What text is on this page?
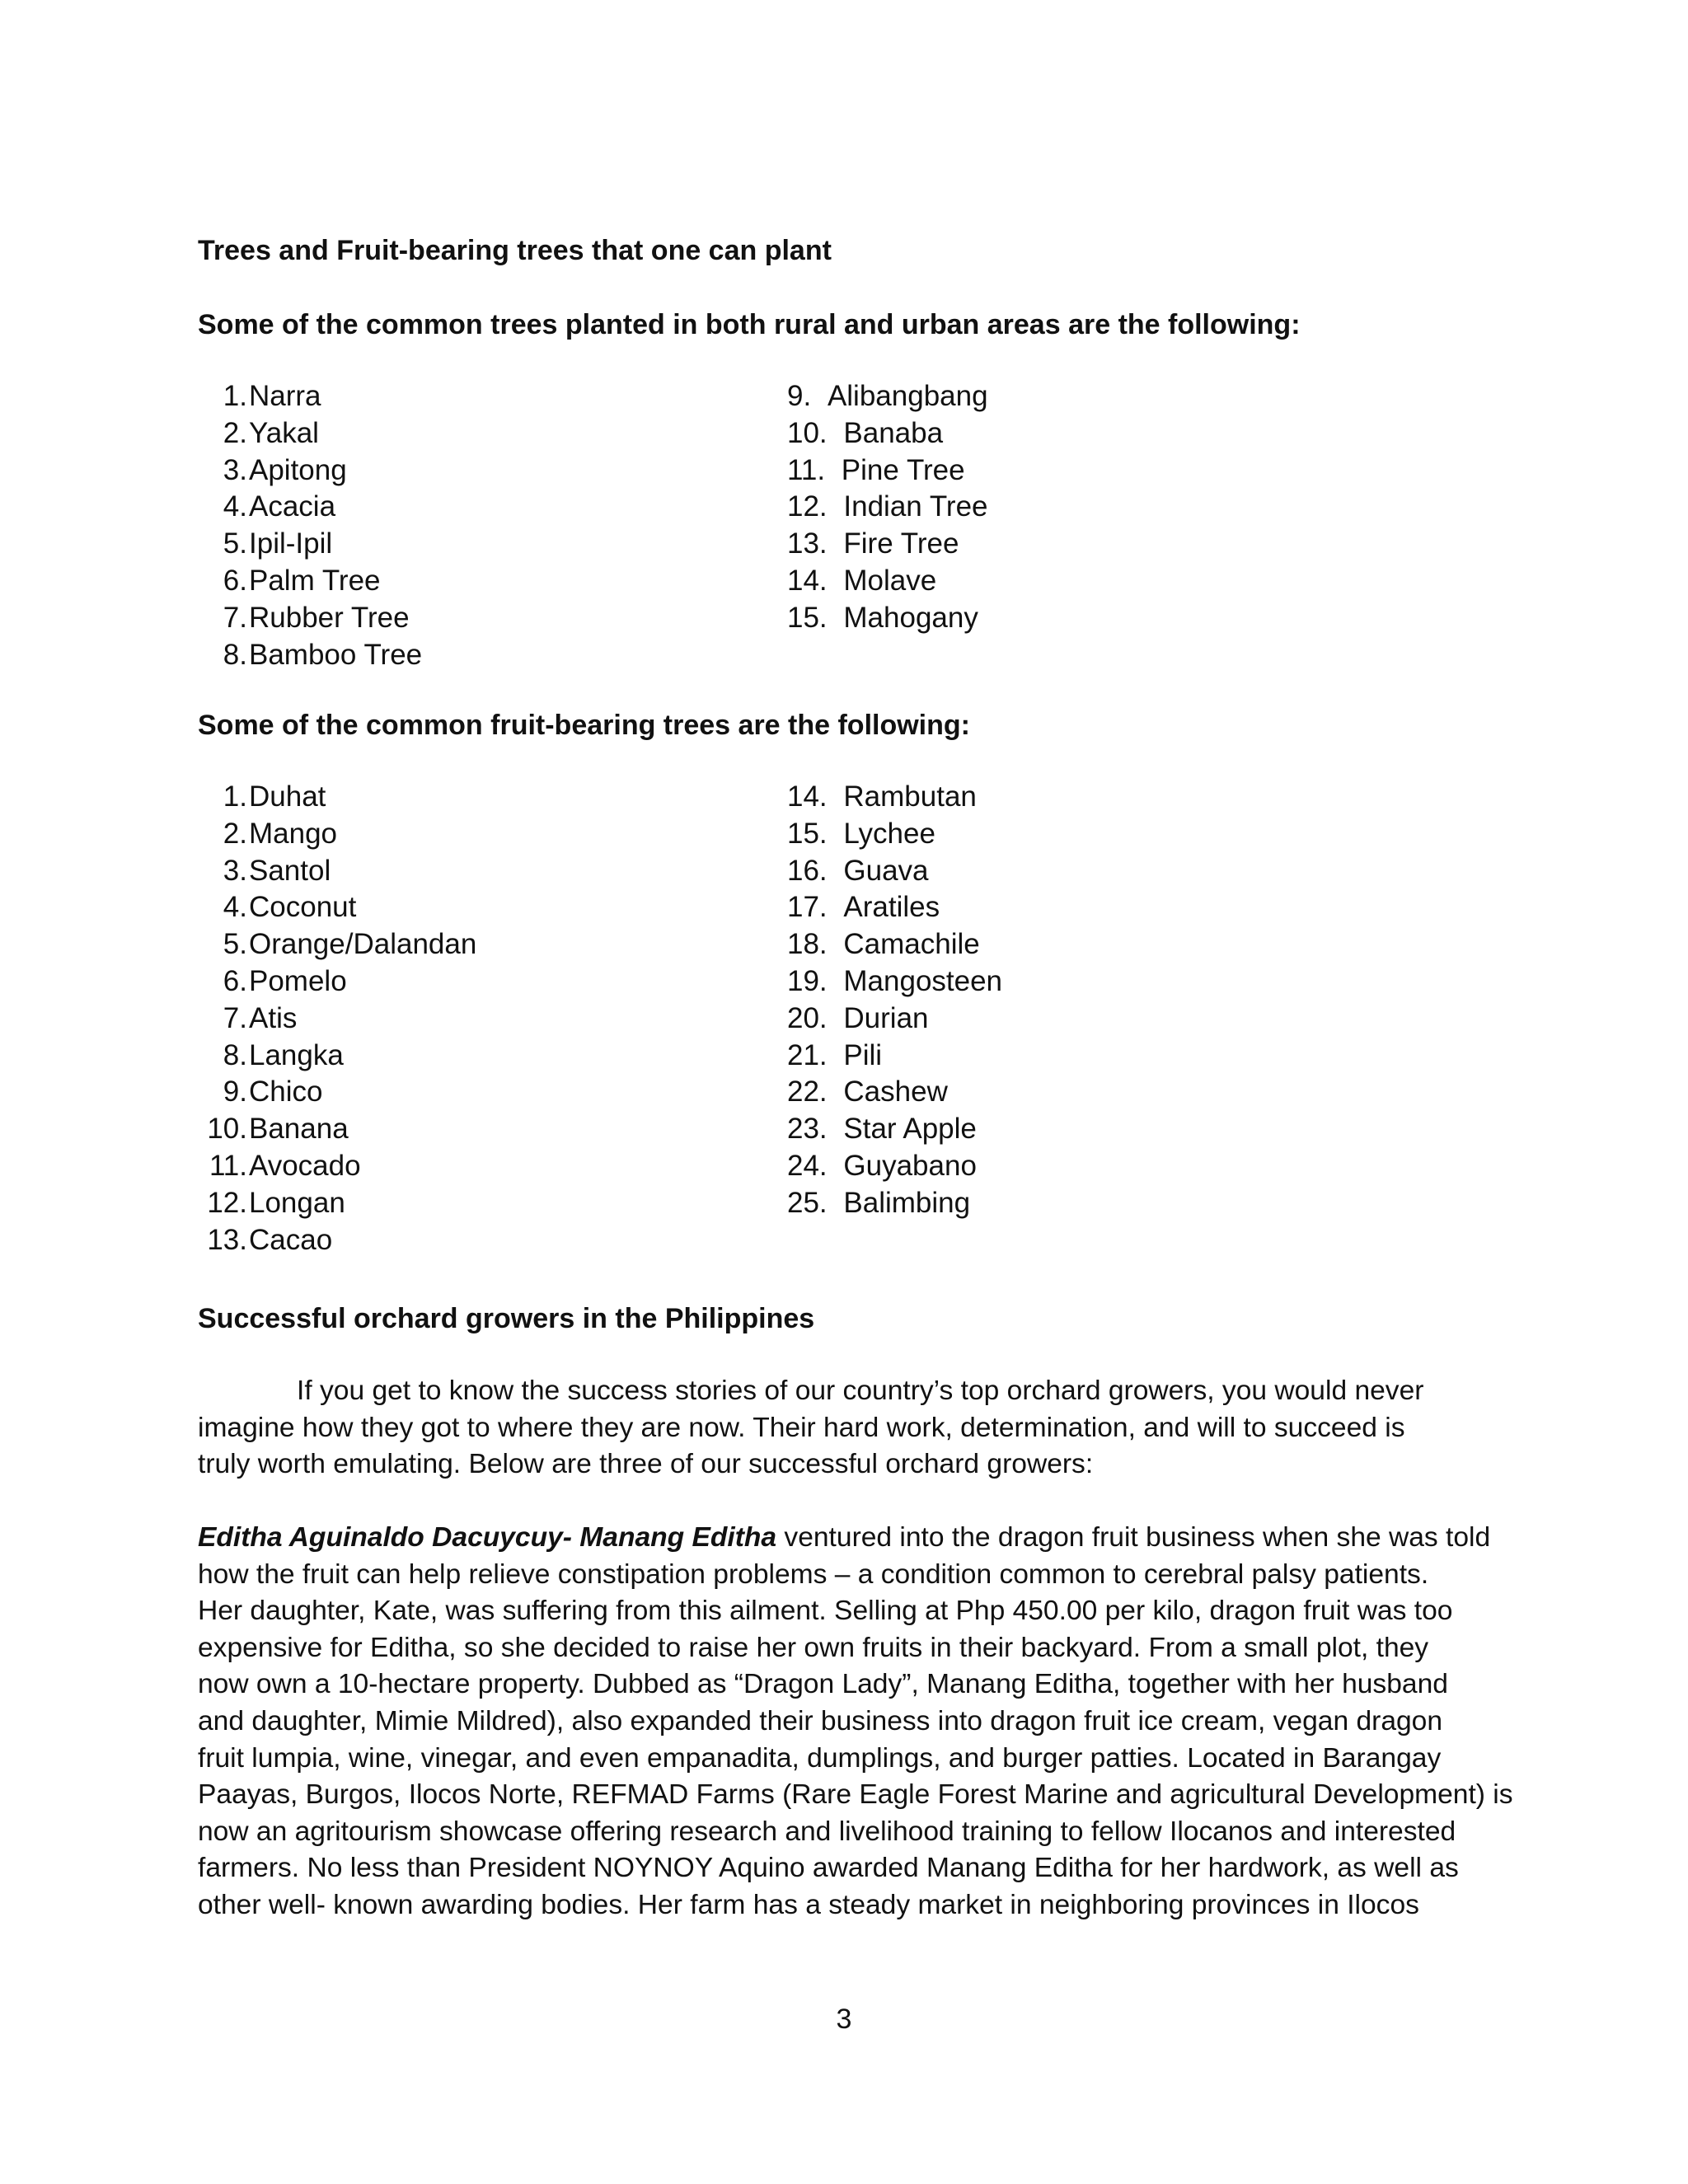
Trees and Fruit-bearing trees that one can plant
Some of the common trees planted in both rural and urban areas are the following:
1. Narra
2. Yakal
3. Apitong
4. Acacia
5. Ipil-Ipil
6. Palm Tree
7. Rubber Tree
8. Bamboo Tree
9. Alibangbang
10. Banaba
11. Pine Tree
12. Indian Tree
13. Fire Tree
14. Molave
15. Mahogany
Some of the common fruit-bearing trees are the following:
1. Duhat
2. Mango
3. Santol
4. Coconut
5. Orange/Dalandan
6. Pomelo
7. Atis
8. Langka
9. Chico
10. Banana
11. Avocado
12. Longan
13. Cacao
14. Rambutan
15. Lychee
16. Guava
17. Aratiles
18. Camachile
19. Mangosteen
20. Durian
21. Pili
22. Cashew
23. Star Apple
24. Guyabano
25. Balimbing
Successful orchard growers in the Philippines
If you get to know the success stories of our country’s top orchard growers, you would never
imagine how they got to where they are now. Their hard work, determination, and will to succeed is
truly worth emulating. Below are three of our successful orchard growers:
Editha Aguinaldo Dacuycuy- Manang Editha ventured into the dragon fruit business when she was told
how the fruit can help relieve constipation problems – a condition common to cerebral palsy patients.
Her daughter, Kate, was suffering from this ailment. Selling at Php 450.00 per kilo, dragon fruit was too
expensive for Editha, so she decided to raise her own fruits in their backyard. From a small plot, they
now own a 10-hectare property. Dubbed as “Dragon Lady”, Manang Editha, together with her husband
and daughter, Mimie Mildred), also expanded their business into dragon fruit ice cream, vegan dragon
fruit lumpia, wine, vinegar, and even empanadita, dumplings, and burger patties. Located in Barangay
Paayas, Burgos, Ilocos Norte, REFMAD Farms (Rare Eagle Forest Marine and agricultural Development) is
now an agritourism showcase offering research and livelihood training to fellow Ilocanos and interested
farmers. No less than President NOYNOY Aquino awarded Manang Editha for her hardwork, as well as
other well- known awarding bodies. Her farm has a steady market in neighboring provinces in Ilocos
3
